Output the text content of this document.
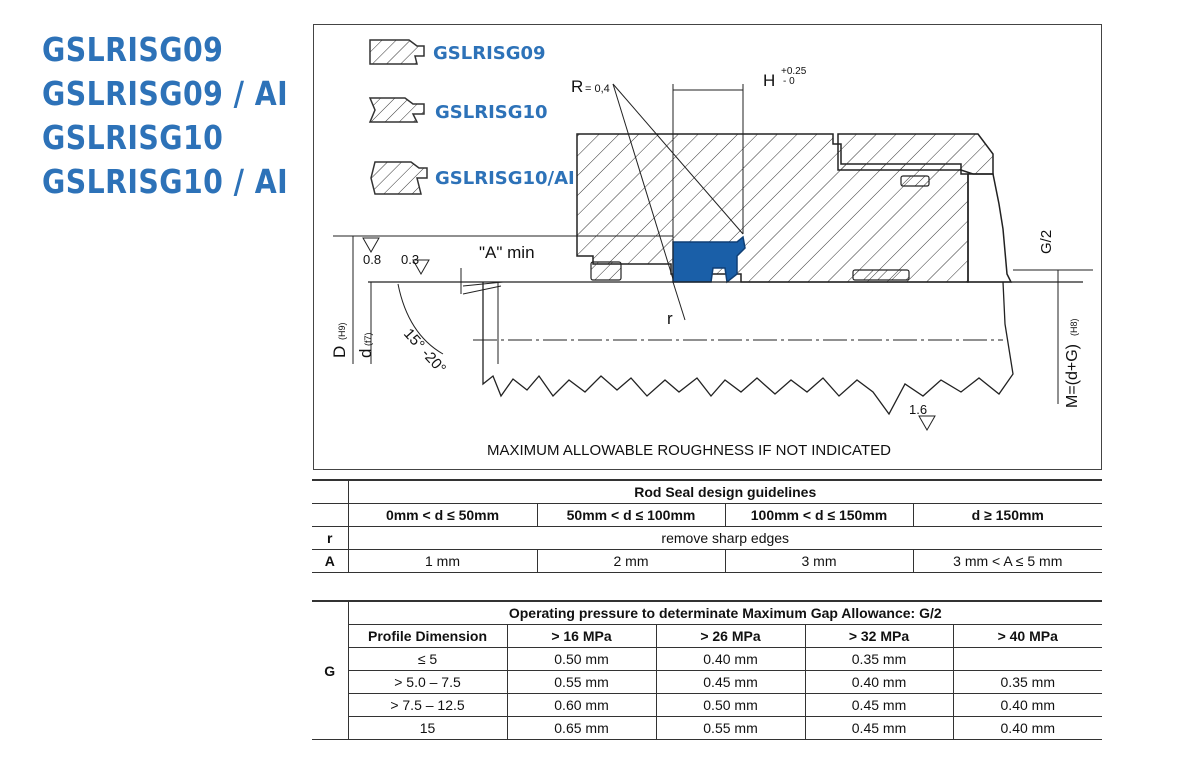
GSLRISG09
GSLRISG09 / AI
GSLRISG10
GSLRISG10 / AI
GSLRISG09
GSLRISG10
GSLRISG10/AI
R = 0,4	H +0.25
- 0
"A" min
0.8 0.3
15° -20°
r
D
(H9)
d
(f7)
G/2
M=(d+G)
(H8)
1.6
MAXIMUM ALLOWABLE ROUGHNESS IF NOT INDICATED
	Rod Seal design guidelines			
	0mm < d ≤ 50mm	50mm < d ≤ 100mm	100mm < d ≤ 150mm	d ≥ 150mm
r	remove sharp edges			
A	1 mm	2 mm	3 mm	3 mm < A ≤ 5 mm
G	Operating pressure to determinate Maximum Gap Allowance: G/2				
	Profile Dimension	> 16 MPa	> 26 MPa	> 32 MPa	> 40 MPa
	≤ 5	0.50 mm	0.40 mm	0.35 mm	
	> 5.0 – 7.5	0.55 mm	0.45 mm	0.40 mm	0.35 mm
	> 7.5 – 12.5	0.60 mm	0.50 mm	0.45 mm	0.40 mm
	15	0.65 mm	0.55 mm	0.45 mm	0.40 mm
